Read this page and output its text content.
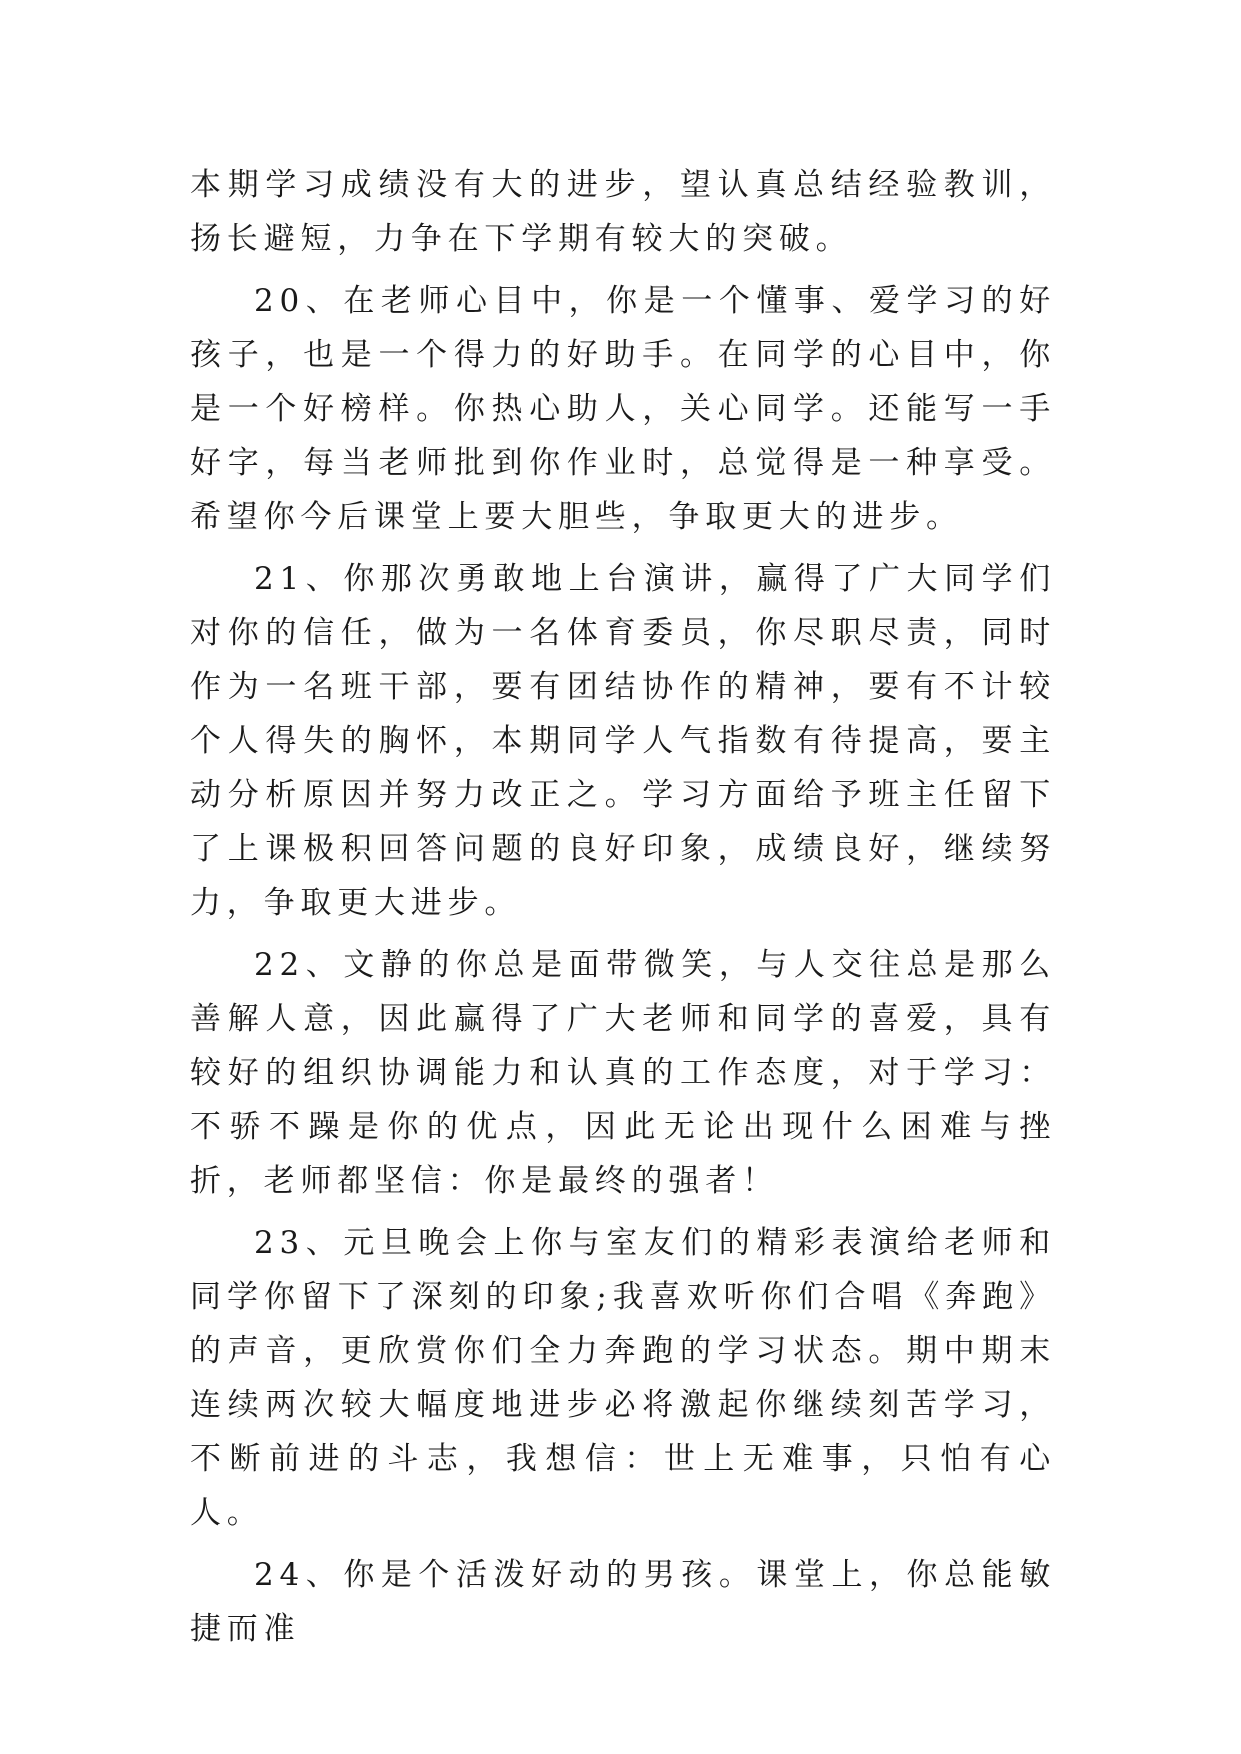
本期学习成绩没有大的进步，望认真总结经验教训，扬长避短，力争在下学期有较大的突破。

20、在老师心目中，你是一个懂事、爱学习的好孩子，也是一个得力的好助手。在同学的心目中，你是一个好榜样。你热心助人，关心同学。还能写一手好字，每当老师批到你作业时，总觉得是一种享受。希望你今后课堂上要大胆些，争取更大的进步。

21、你那次勇敢地上台演讲，赢得了广大同学们对你的信任，做为一名体育委员，你尽职尽责，同时作为一名班干部，要有团结协作的精神，要有不计较个人得失的胸怀，本期同学人气指数有待提高，要主动分析原因并努力改正之。学习方面给予班主任留下了上课极积回答问题的良好印象，成绩良好，继续努力，争取更大进步。

22、文静的你总是面带微笑，与人交往总是那么善解人意，因此赢得了广大老师和同学的喜爱，具有较好的组织协调能力和认真的工作态度，对于学习：不骄不躁是你的优点，因此无论出现什么困难与挫折，老师都坚信：你是最终的强者！

23、元旦晚会上你与室友们的精彩表演给老师和同学你留下了深刻的印象;我喜欢听你们合唱《奔跑》的声音，更欣赏你们全力奔跑的学习状态。期中期末连续两次较大幅度地进步必将激起你继续刻苦学习，不断前进的斗志，我想信：世上无难事，只怕有心人。

24、你是个活泼好动的男孩。课堂上，你总能敏捷而准
